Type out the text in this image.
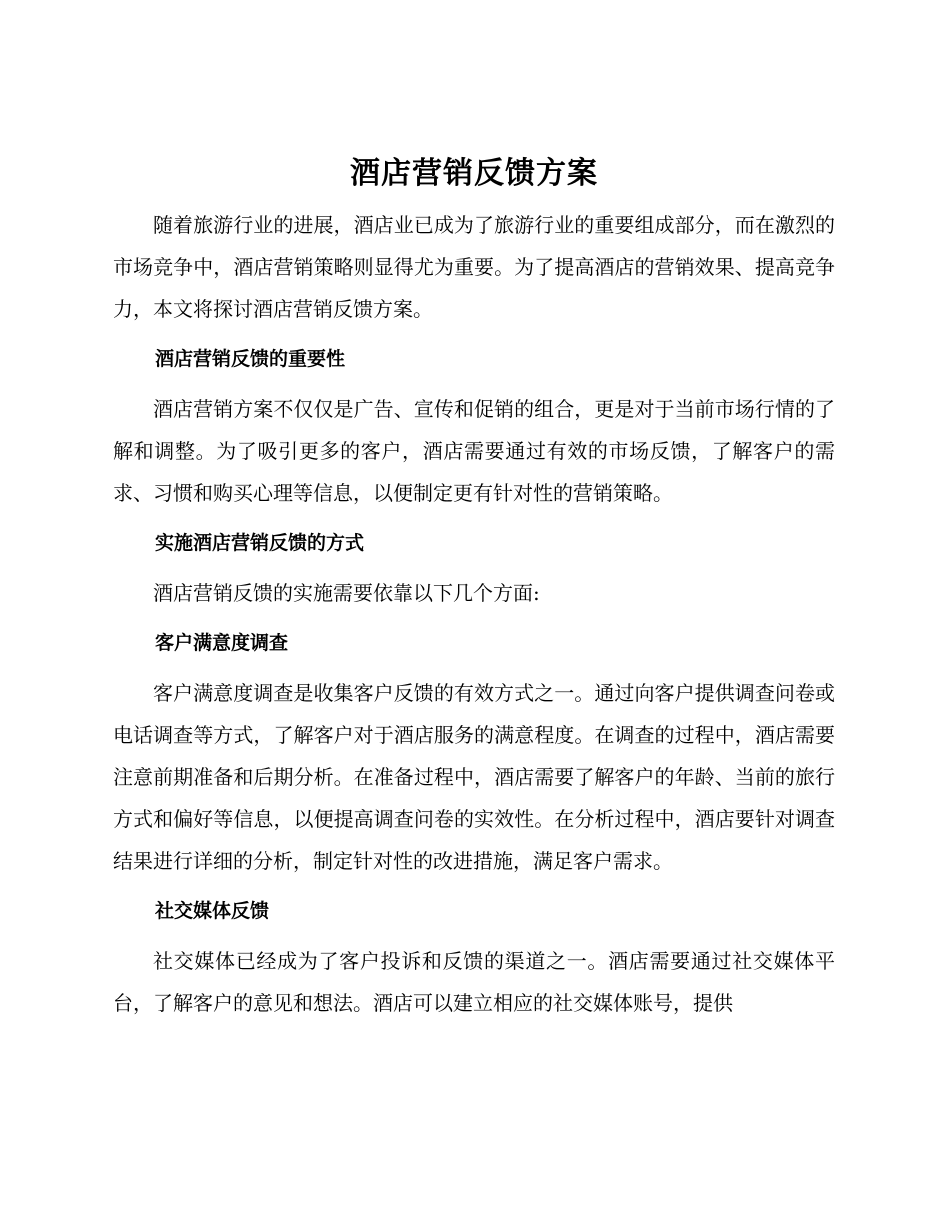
酒店营销反馈方案

随着旅游行业的进展，酒店业已成为了旅游行业的重要组成部分，而在激烈的市场竞争中，酒店营销策略则显得尤为重要。为了提高酒店的营销效果、提高竞争力，本文将探讨酒店营销反馈方案。

酒店营销反馈的重要性

酒店营销方案不仅仅是广告、宣传和促销的组合，更是对于当前市场行情的了解和调整。为了吸引更多的客户，酒店需要通过有效的市场反馈，了解客户的需求、习惯和购买心理等信息，以便制定更有针对性的营销策略。

实施酒店营销反馈的方式

酒店营销反馈的实施需要依靠以下几个方面:

客户满意度调查

客户满意度调查是收集客户反馈的有效方式之一。通过向客户提供调查问卷或电话调查等方式，了解客户对于酒店服务的满意程度。在调查的过程中，酒店需要注意前期准备和后期分析。在准备过程中，酒店需要了解客户的年龄、当前的旅行方式和偏好等信息，以便提高调查问卷的实效性。在分析过程中，酒店要针对调查结果进行详细的分析，制定针对性的改进措施，满足客户需求。

社交媒体反馈

社交媒体已经成为了客户投诉和反馈的渠道之一。酒店需要通过社交媒体平台，了解客户的意见和想法。酒店可以建立相应的社交媒体账号，提供
